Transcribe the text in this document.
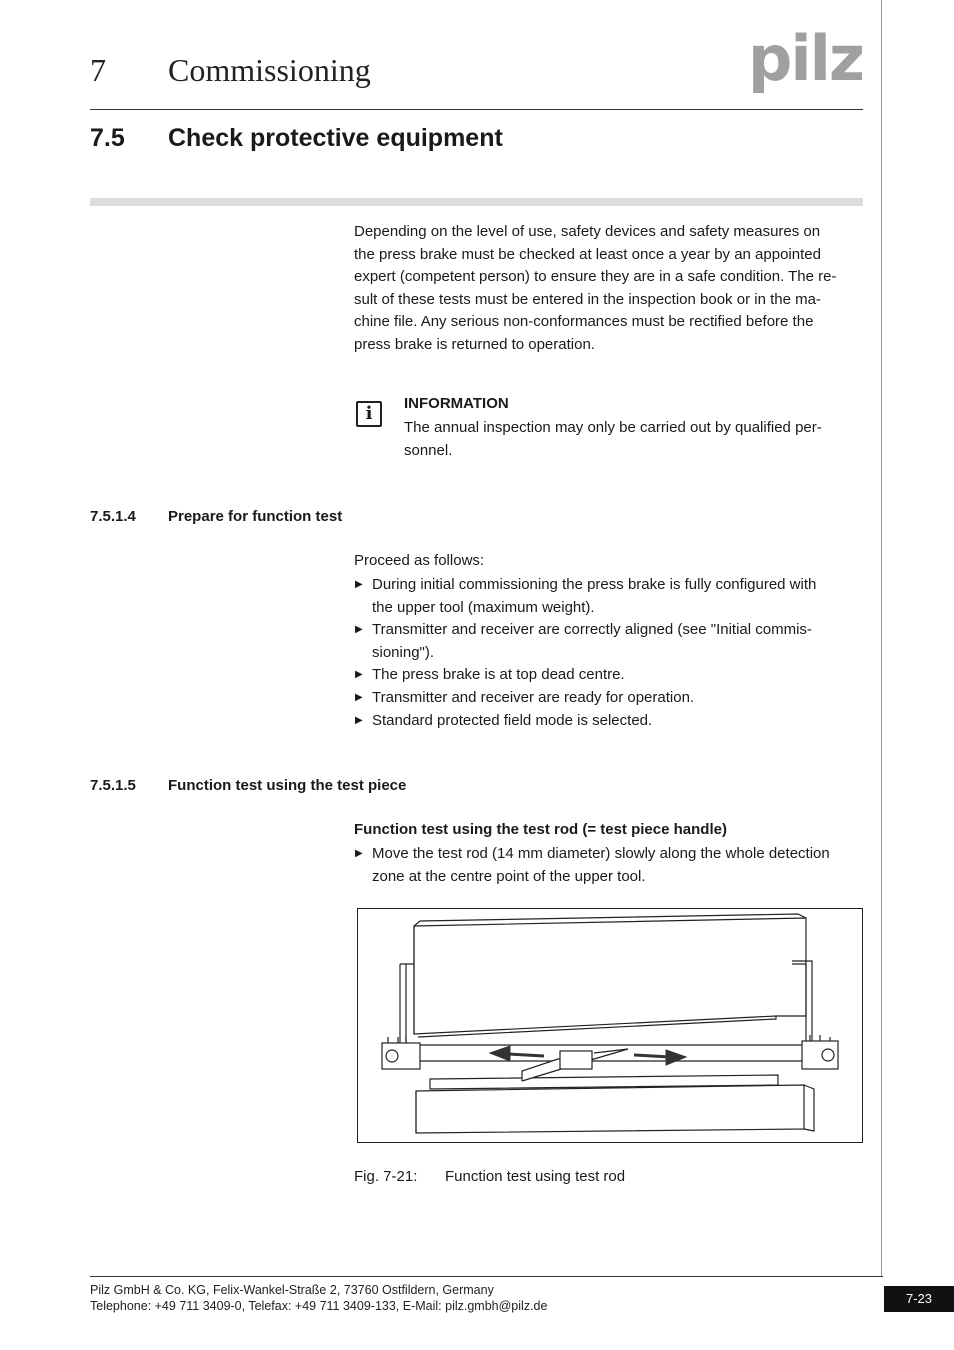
7 Commissioning	pilz
7.5 Check protective equipment
Depending on the level of use, safety devices and safety measures on
the press brake must be checked at least once a year by an appointed
expert (competent person) to ensure they are in a safe condition. The re-
sult of these tests must be entered in the inspection book or in the ma-
chine file. Any serious non-conformances must be rectified before the
press brake is returned to operation.
i	INFORMATION
The annual inspection may only be carried out by qualified per-
sonnel.
7.5.1.4 Prepare for function test
Proceed as follows:
▶ During initial commissioning the press brake is fully configured with
the upper tool (maximum weight).
▶ Transmitter and receiver are correctly aligned (see "Initial commis-
sioning").
▶ The press brake is at top dead centre.
▶ Transmitter and receiver are ready for operation.
▶ Standard protected field mode is selected.
7.5.1.5 Function test using the test piece
Function test using the test rod (= test piece handle)
▶ Move the test rod (14 mm diameter) slowly along the whole detection
zone at the centre point of the upper tool.
Fig. 7-21: Function test using test rod
Pilz GmbH & Co. KG, Felix-Wankel-Straße 2, 73760 Ostfildern, Germany
Telephone: +49 711 3409-0, Telefax: +49 711 3409-133, E-Mail: pilz.gmbh@pilz.de	7-23
